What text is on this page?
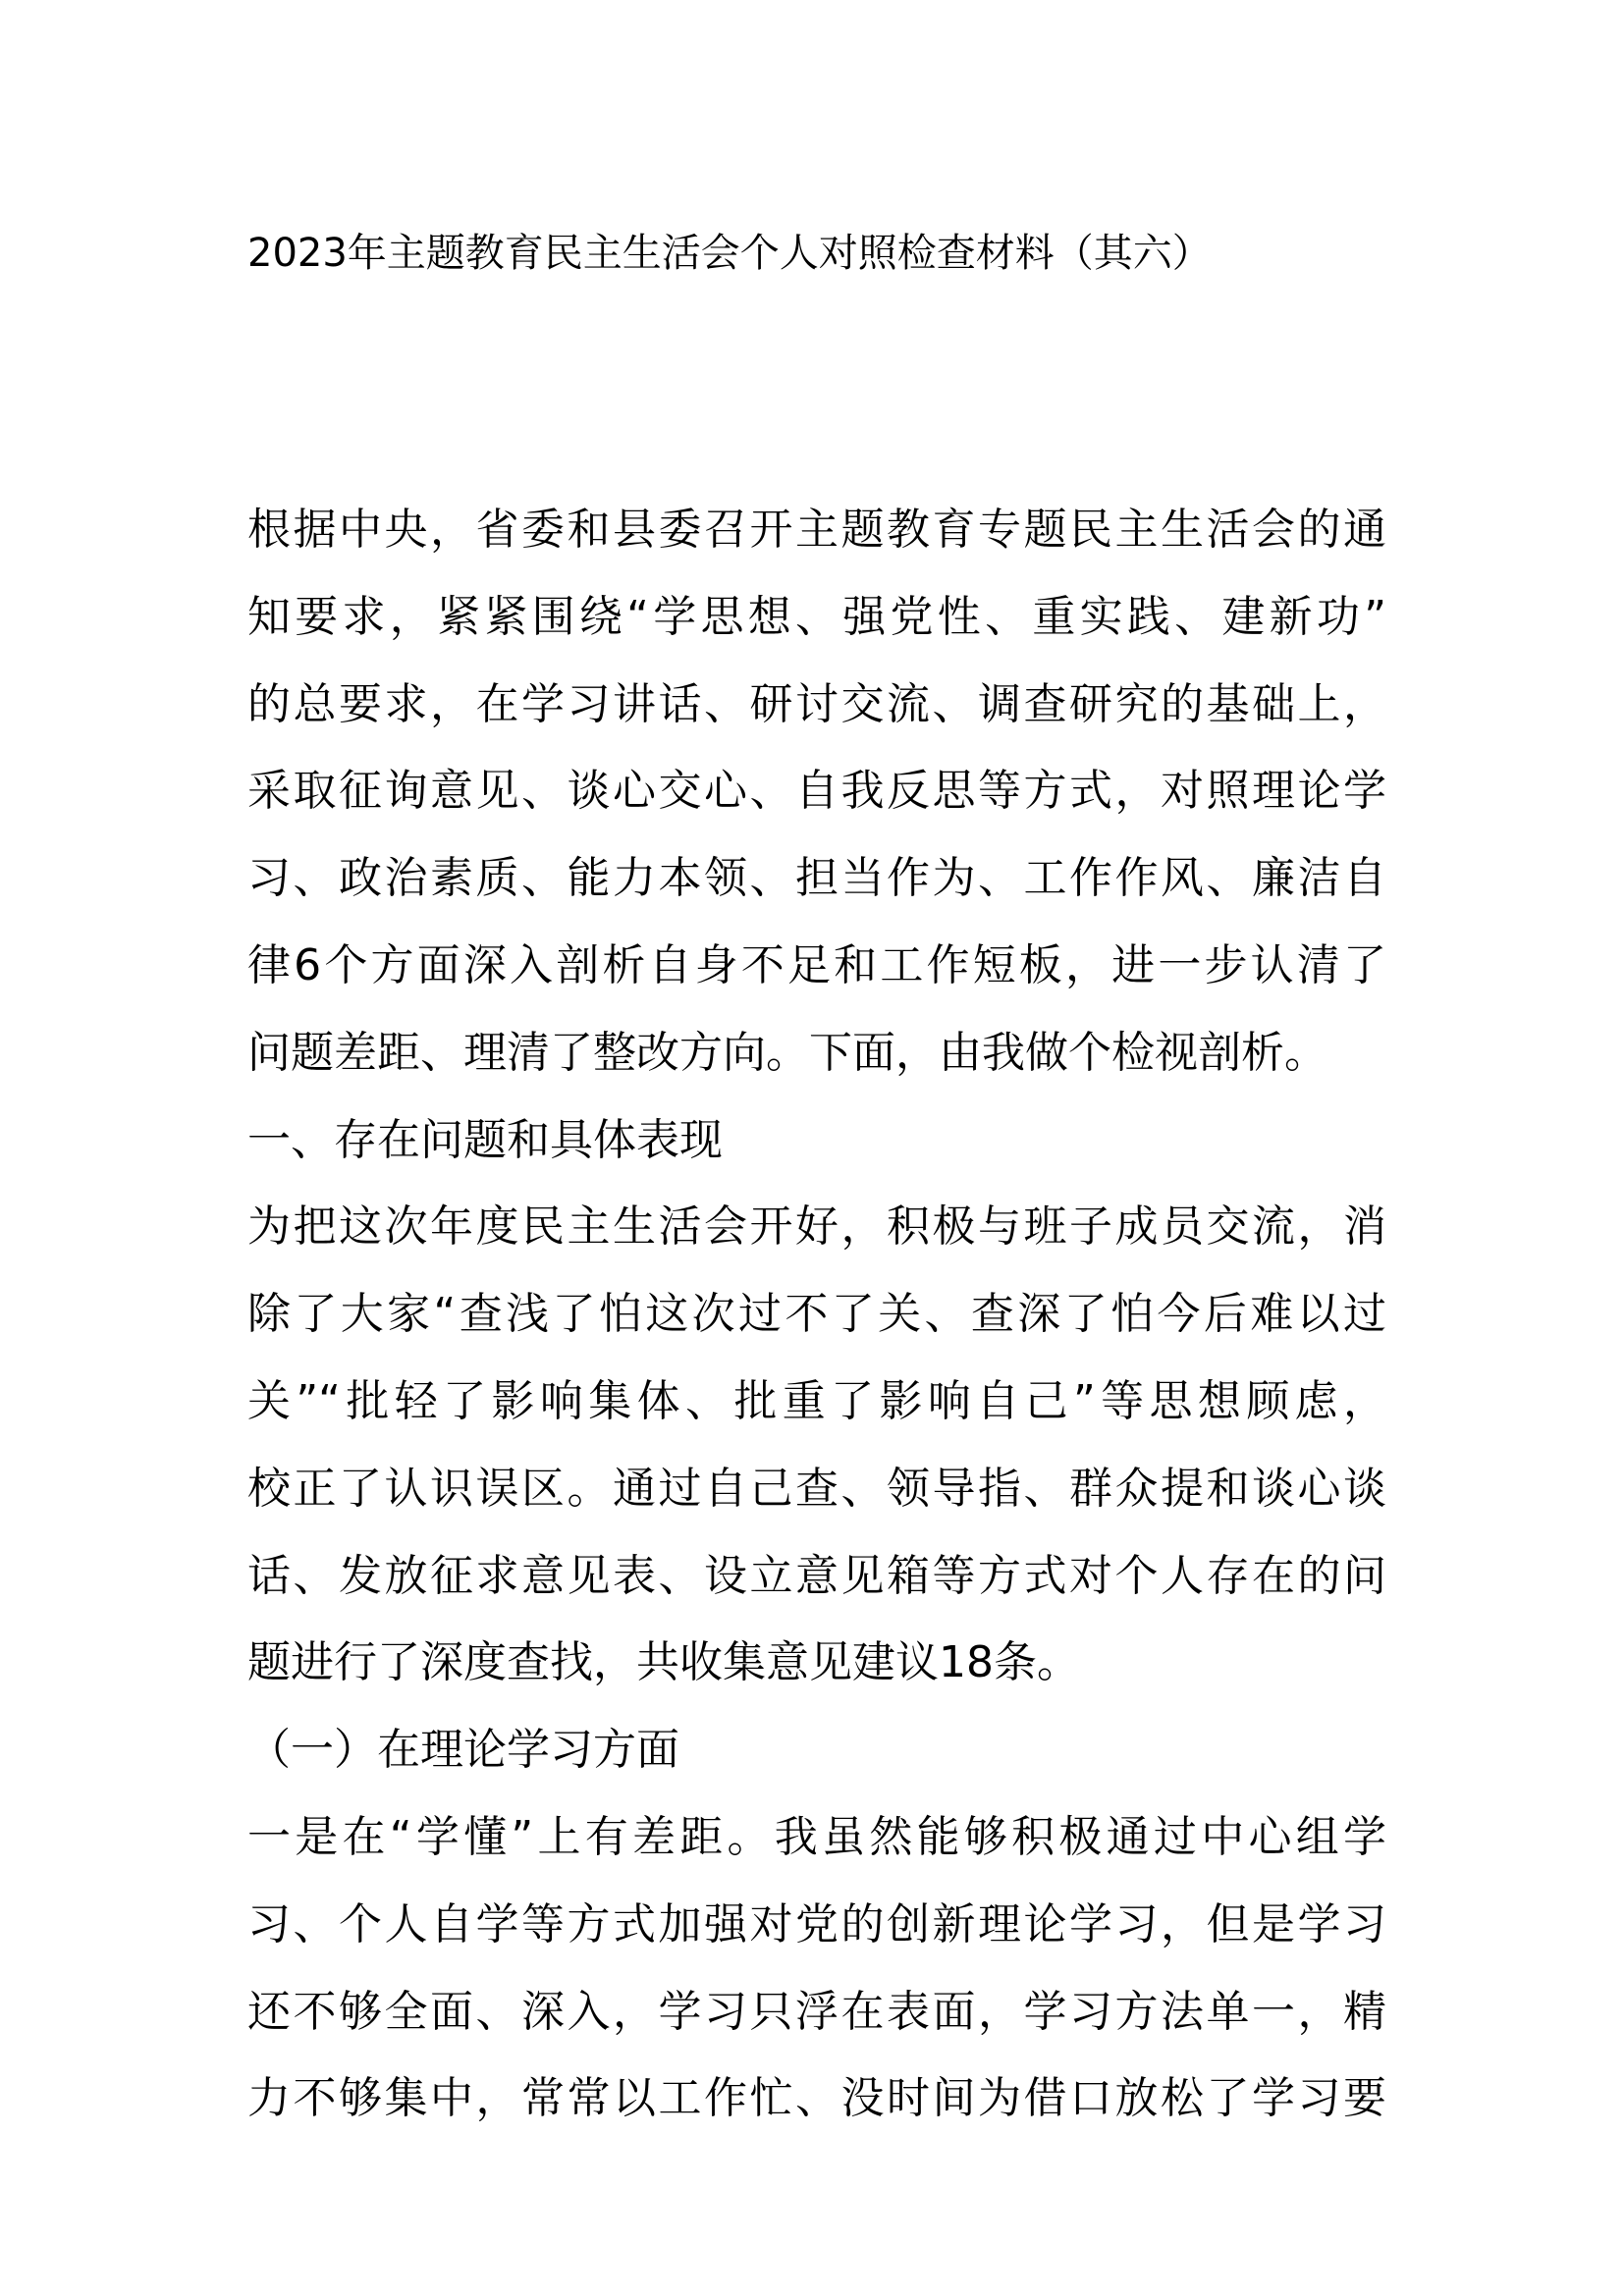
2023年主题教育民主生活会个人对照检查材料（其六）
根据中央，省委和县委召开主题教育专题民主生活会的通
知要求，紧紧围绕“学思想、强党性、重实践、建新功”
的总要求，在学习讲话、研讨交流、调查研究的基础上，
采取征询意见、谈心交心、自我反思等方式，对照理论学
习、政治素质、能力本领、担当作为、工作作风、廉洁自
律6个方面深入剖析自身不足和工作短板，进一步认清了
问题差距、理清了整改方向。下面，由我做个检视剖析。
一、存在问题和具体表现
为把这次年度民主生活会开好，积极与班子成员交流，消
除了大家“查浅了怕这次过不了关、查深了怕今后难以过
关”“批轻了影响集体、批重了影响自己”等思想顾虑，
校正了认识误区。通过自己查、领导指、群众提和谈心谈
话、发放征求意见表、设立意见箱等方式对个人存在的问
题进行了深度查找，共收集意见建议18条。
（一）在理论学习方面
一是在“学懂”上有差距。我虽然能够积极通过中心组学
习、个人自学等方式加强对党的创新理论学习，但是学习
还不够全面、深入，学习只浮在表面，学习方法单一，精
力不够集中，常常以工作忙、没时间为借口放松了学习要
